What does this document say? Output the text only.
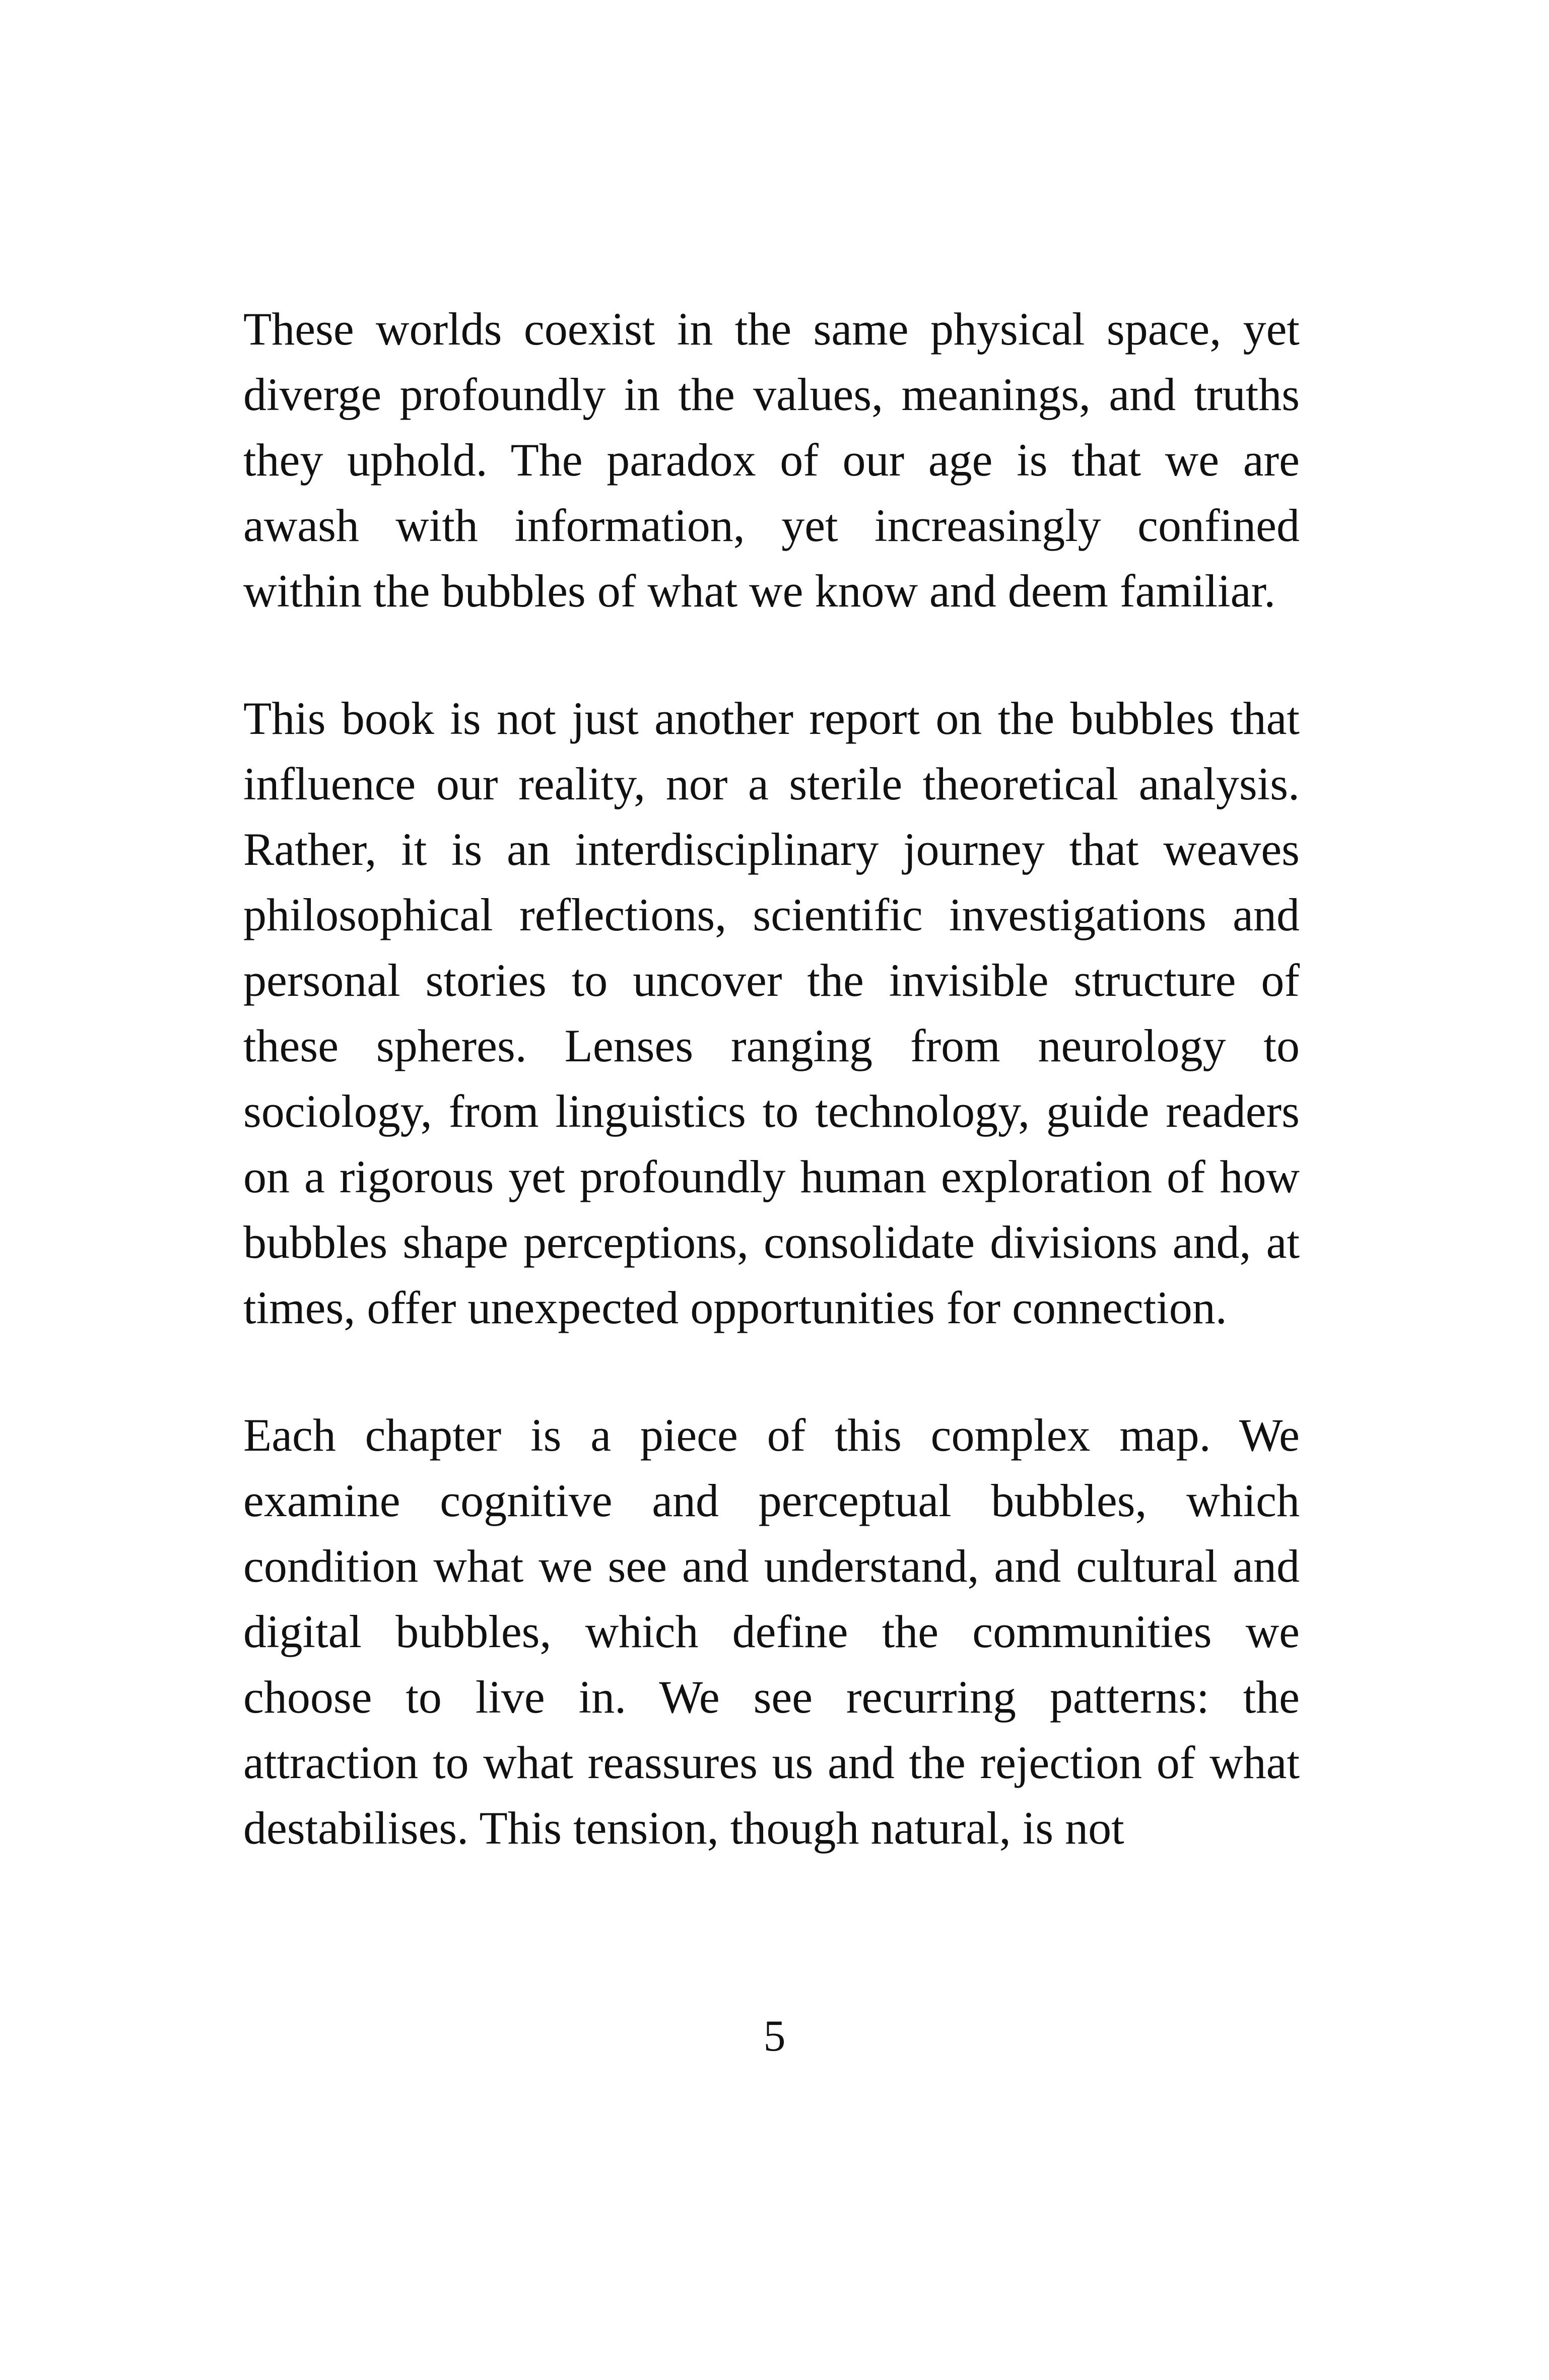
These worlds coexist in the same physical space, yet diverge profoundly in the values, meanings, and truths they uphold. The paradox of our age is that we are awash with information, yet increasingly confined within the bubbles of what we know and deem familiar.

This book is not just another report on the bubbles that influence our reality, nor a sterile theoretical analysis. Rather, it is an interdisciplinary journey that weaves philosophical reflections, scientific investigations and personal stories to uncover the invisible structure of these spheres. Lenses ranging from neurology to sociology, from linguistics to technology, guide readers on a rigorous yet profoundly human exploration of how bubbles shape perceptions, consolidate divisions and, at times, offer unexpected opportunities for connection.

Each chapter is a piece of this complex map. We examine cognitive and perceptual bubbles, which condition what we see and understand, and cultural and digital bubbles, which define the communities we choose to live in. We see recurring patterns: the attraction to what reassures us and the rejection of what destabilises. This tension, though natural, is not

5
